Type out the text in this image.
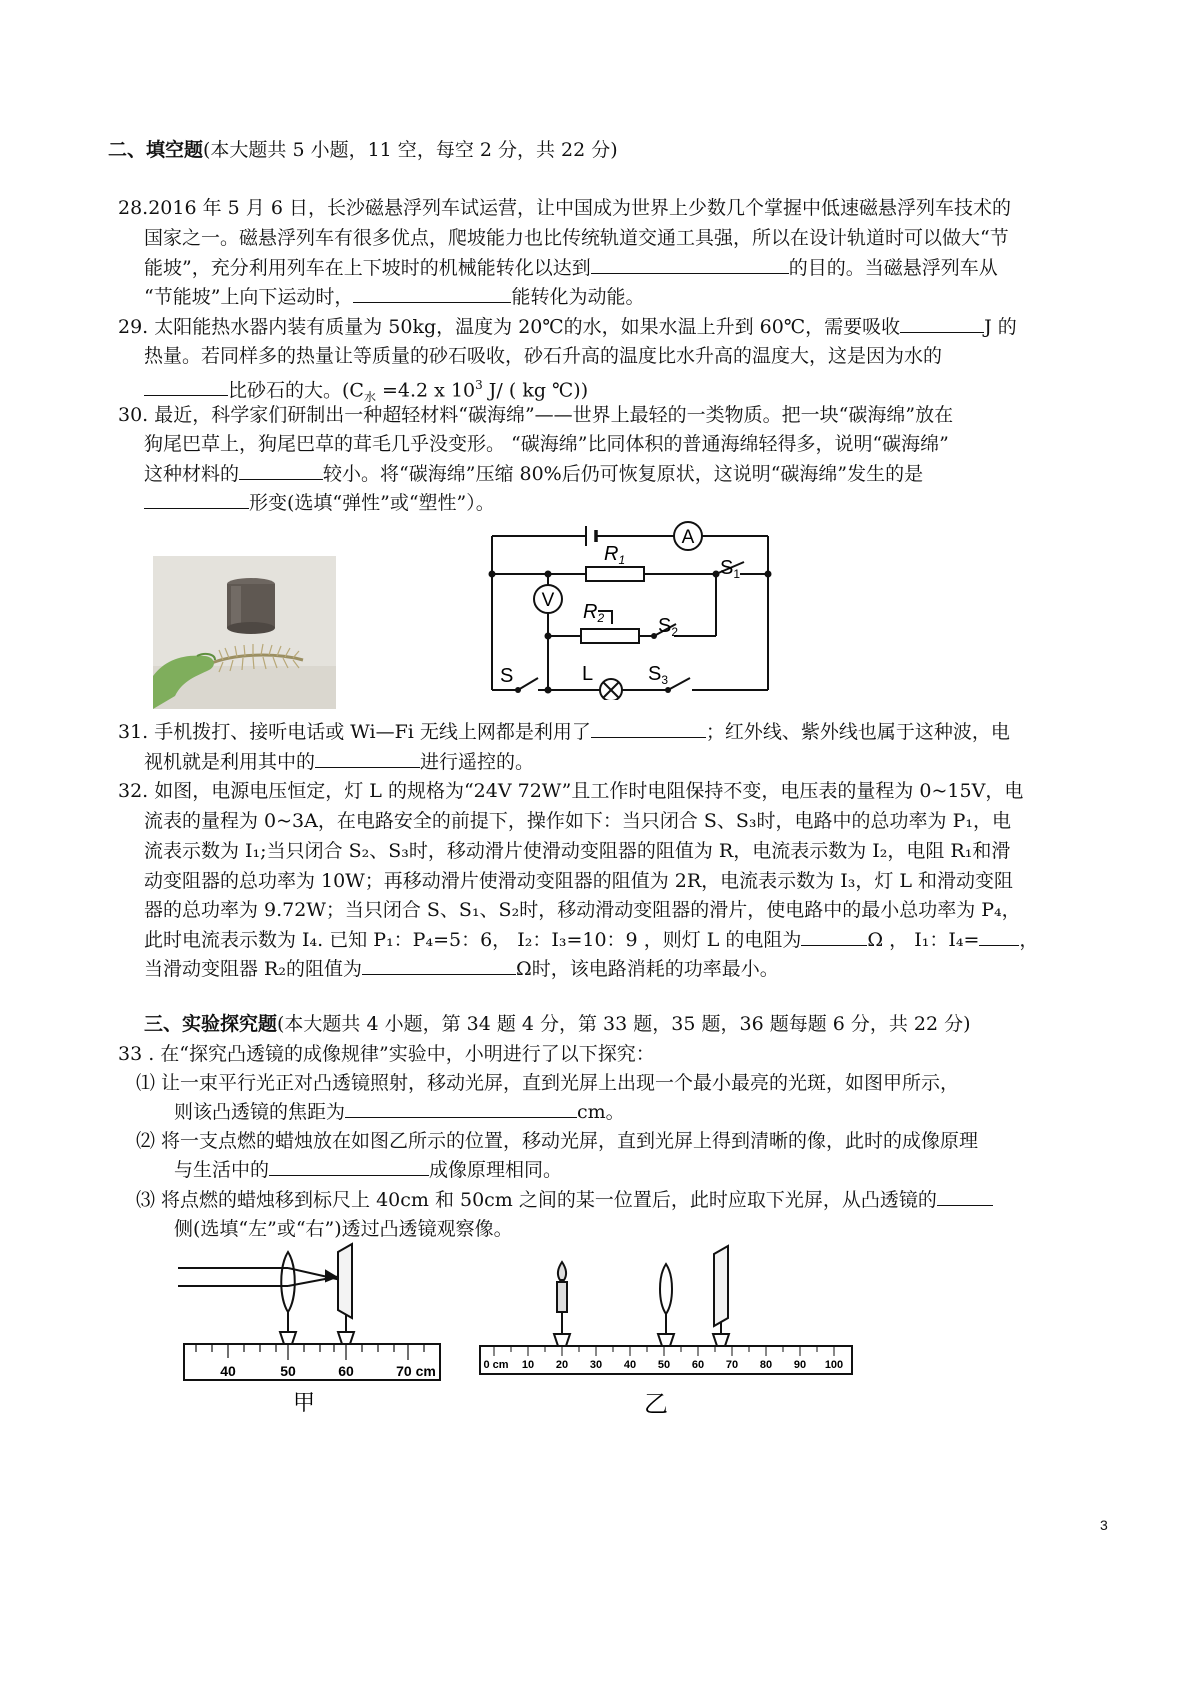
二、填空题(本大题共 5 小题，11 空，每空 2 分，共 22 分)
28.2016 年 5 月 6 日，长沙磁悬浮列车试运营，让中国成为世界上少数几个掌握中低速磁悬浮列车技术的
国家之一。磁悬浮列车有很多优点，爬坡能力也比传统轨道交通工具强，所以在设计轨道时可以做大“节
能坡”，充分利用列车在上下坡时的机械能转化以达到	的目的。当磁悬浮列车从
“节能坡”上向下运动时，	能转化为动能。
29. 太阳能热水器内装有质量为 50kg，温度为 20℃的水，如果水温上升到 60℃，需要吸收	J 的
热量。若同样多的热量让等质量的砂石吸收，砂石升高的温度比水升高的温度大，这是因为水的
比砂石的大。($C_水 =4.2$ x $10^3$ J/ ( kg ℃))
30. 最近，科学家们研制出一种超轻材料“碳海绵”——世界上最轻的一类物质。把一块“碳海绵”放在
狗尾巴草上，狗尾巴草的茸毛几乎没变形。 “碳海绵”比同体积的普通海绵轻得多，说明“碳海绵”
这种材料的	较小。将“碳海绵”压缩 80%后仍可恢复原状，这说明“碳海绵”发生的是
形变(选填“弹性”或“塑性”）。
A
V
$R_1$
$R_2$
$S_1$
$S_2$
$S_3$
S	L
31. 手机拨打、接听电话或 Wi—Fi 无线上网都是利用了	；红外线、紫外线也属于这种波，电
视机就是利用其中的	进行遥控的。
32. 如图，电源电压恒定，灯 L 的规格为“24V 72W”且工作时电阻保持不变，电压表的量程为 0~15V，电
流表的量程为 0~3A，在电路安全的前提下，操作如下：当只闭合 S、S₃时，电路中的总功率为 P₁，电
流表示数为 I₁;当只闭合 S₂、S₃时，移动滑片使滑动变阻器的阻值为 R，电流表示数为 I₂，电阻 R₁和滑
动变阻器的总功率为 10W；再移动滑片使滑动变阻器的阻值为 2R，电流表示数为 I₃，灯 L 和滑动变阻
器的总功率为 9.72W；当只闭合 S、S₁、S₂时，移动滑动变阻器的滑片，使电路中的最小总功率为 P₄，
此时电流表示数为 I₄. 已知 P₁：P₄=5：6， I₂：I₃=10：9 ，则灯 L 的电阻为	Ω ， I₁：I₄= ，
当滑动变阻器 R₂的阻值为	Ω时，该电路消耗的功率最小。
三、实验探究题(本大题共 4 小题，第 34 题 4 分，第 33 题，35 题，36 题每题 6 分，共 22 分)
33 . 在“探究凸透镜的成像规律”实验中，小明进行了以下探究：
⑴ 让一束平行光正对凸透镜照射，移动光屏，直到光屏上出现一个最小最亮的光斑，如图甲所示，
则该凸透镜的焦距为	cm。
⑵ 将一支点燃的蜡烛放在如图乙所示的位置，移动光屏，直到光屏上得到清晰的像，此时的成像原理
与生活中的	成像原理相同。
⑶ 将点燃的蜡烛移到标尺上 40cm 和 50cm 之间的某一位置后，此时应取下光屏，从凸透镜的
侧(选填“左”或“右”)透过凸透镜观察像。
40	50	60	70 cm
甲
0 cm 10 20 30 40 50 60 70 80 90 100
乙
3
